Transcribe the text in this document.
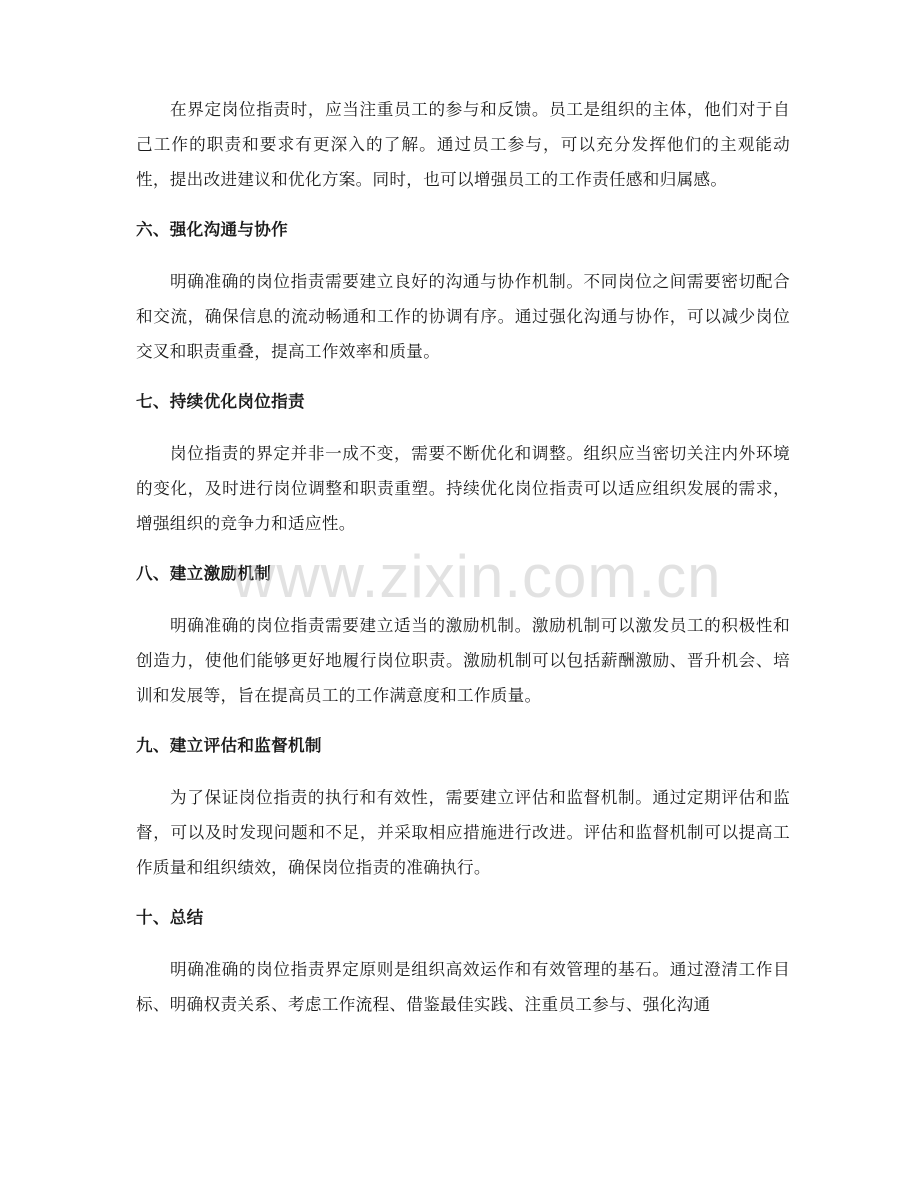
在界定岗位指责时，应当注重员工的参与和反馈。员工是组织的主体，他们对于自己工作的职责和要求有更深入的了解。通过员工参与，可以充分发挥他们的主观能动性，提出改进建议和优化方案。同时，也可以增强员工的工作责任感和归属感。

六、强化沟通与协作

明确准确的岗位指责需要建立良好的沟通与协作机制。不同岗位之间需要密切配合和交流，确保信息的流动畅通和工作的协调有序。通过强化沟通与协作，可以减少岗位交叉和职责重叠，提高工作效率和质量。

七、持续优化岗位指责

岗位指责的界定并非一成不变，需要不断优化和调整。组织应当密切关注内外环境的变化，及时进行岗位调整和职责重塑。持续优化岗位指责可以适应组织发展的需求，增强组织的竞争力和适应性。

八、建立激励机制

明确准确的岗位指责需要建立适当的激励机制。激励机制可以激发员工的积极性和创造力，使他们能够更好地履行岗位职责。激励机制可以包括薪酬激励、晋升机会、培训和发展等，旨在提高员工的工作满意度和工作质量。

九、建立评估和监督机制

为了保证岗位指责的执行和有效性，需要建立评估和监督机制。通过定期评估和监督，可以及时发现问题和不足，并采取相应措施进行改进。评估和监督机制可以提高工作质量和组织绩效，确保岗位指责的准确执行。

十、总结

明确准确的岗位指责界定原则是组织高效运作和有效管理的基石。通过澄清工作目标、明确权责关系、考虑工作流程、借鉴最佳实践、注重员工参与、强化沟通

www.zixin.com.cn
